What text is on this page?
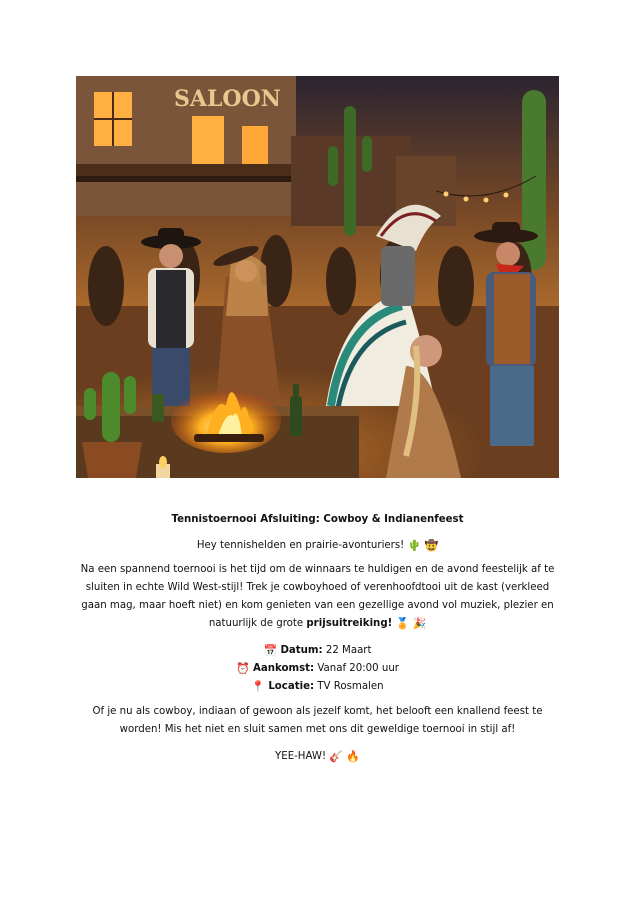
SALOON

Tennistoernooi Afsluiting: Cowboy & Indianenfeest

Hey tennishelden en prairie-avonturiers! 🌵 🤠

Na een spannend toernooi is het tijd om de winnaars te huldigen en de avond feestelijk af te sluiten in echte Wild West-stijl! Trek je cowboyhoed of verenhoofdtooi uit de kast (verkleed gaan mag, maar hoeft niet) en kom genieten van een gezellige avond vol muziek, plezier en natuurlijk de grote prijsuitreiking! 🏅 🎉

📅 Datum: 22 Maart
⏰ Aankomst: Vanaf 20:00 uur
📍 Locatie: TV Rosmalen

Of je nu als cowboy, indiaan of gewoon als jezelf komt, het belooft een knallend feest te worden! Mis het niet en sluit samen met ons dit geweldige toernooi in stijl af!

YEE-HAW! 🎸 🔥
